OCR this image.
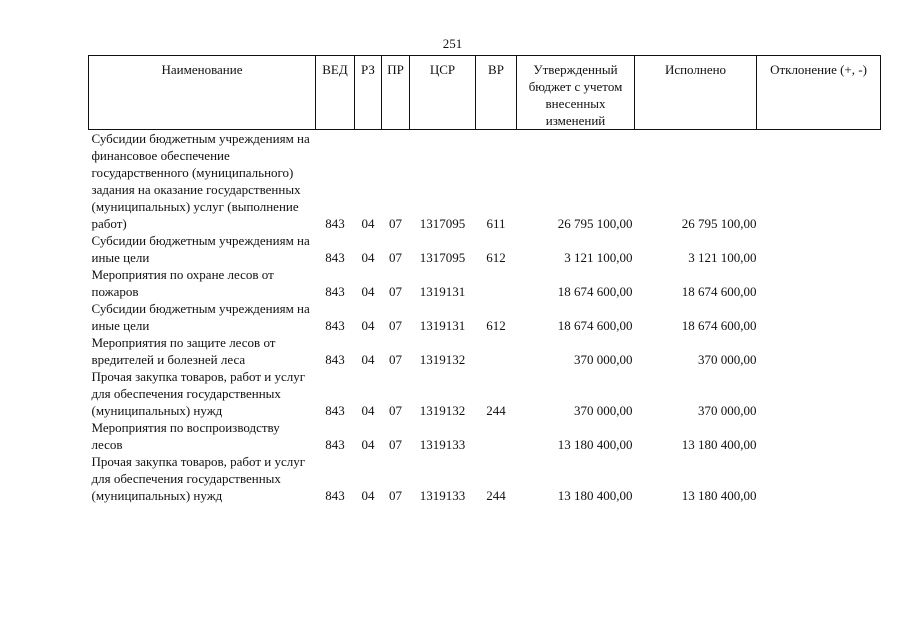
251
Наименование	ВЕД	РЗ	ПР	ЦСР	ВР	Утвержденный бюджет с учетом внесенных изменений	Исполнено	Отклонение (+, -)
Субсидии бюджетным учреждениям на финансовое обеспечение государственного (муниципального) задания на оказание государственных (муниципальных) услуг (выполнение работ)	843	04	07	1317095	611	26 795 100,00	26 795 100,00	
Субсидии бюджетным учреждениям на иные цели	843	04	07	1317095	612	3 121 100,00	3 121 100,00	
Мероприятия по охране лесов от пожаров	843	04	07	1319131		18 674 600,00	18 674 600,00	
Субсидии бюджетным учреждениям на иные цели	843	04	07	1319131	612	18 674 600,00	18 674 600,00	
Мероприятия по защите лесов от вредителей и болезней леса	843	04	07	1319132		370 000,00	370 000,00	
Прочая закупка товаров, работ и услуг для обеспечения государственных (муниципальных) нужд	843	04	07	1319132	244	370 000,00	370 000,00	
Мероприятия по воспроизводству лесов	843	04	07	1319133		13 180 400,00	13 180 400,00	
Прочая закупка товаров, работ и услуг для обеспечения государственных (муниципальных) нужд	843	04	07	1319133	244	13 180 400,00	13 180 400,00	
